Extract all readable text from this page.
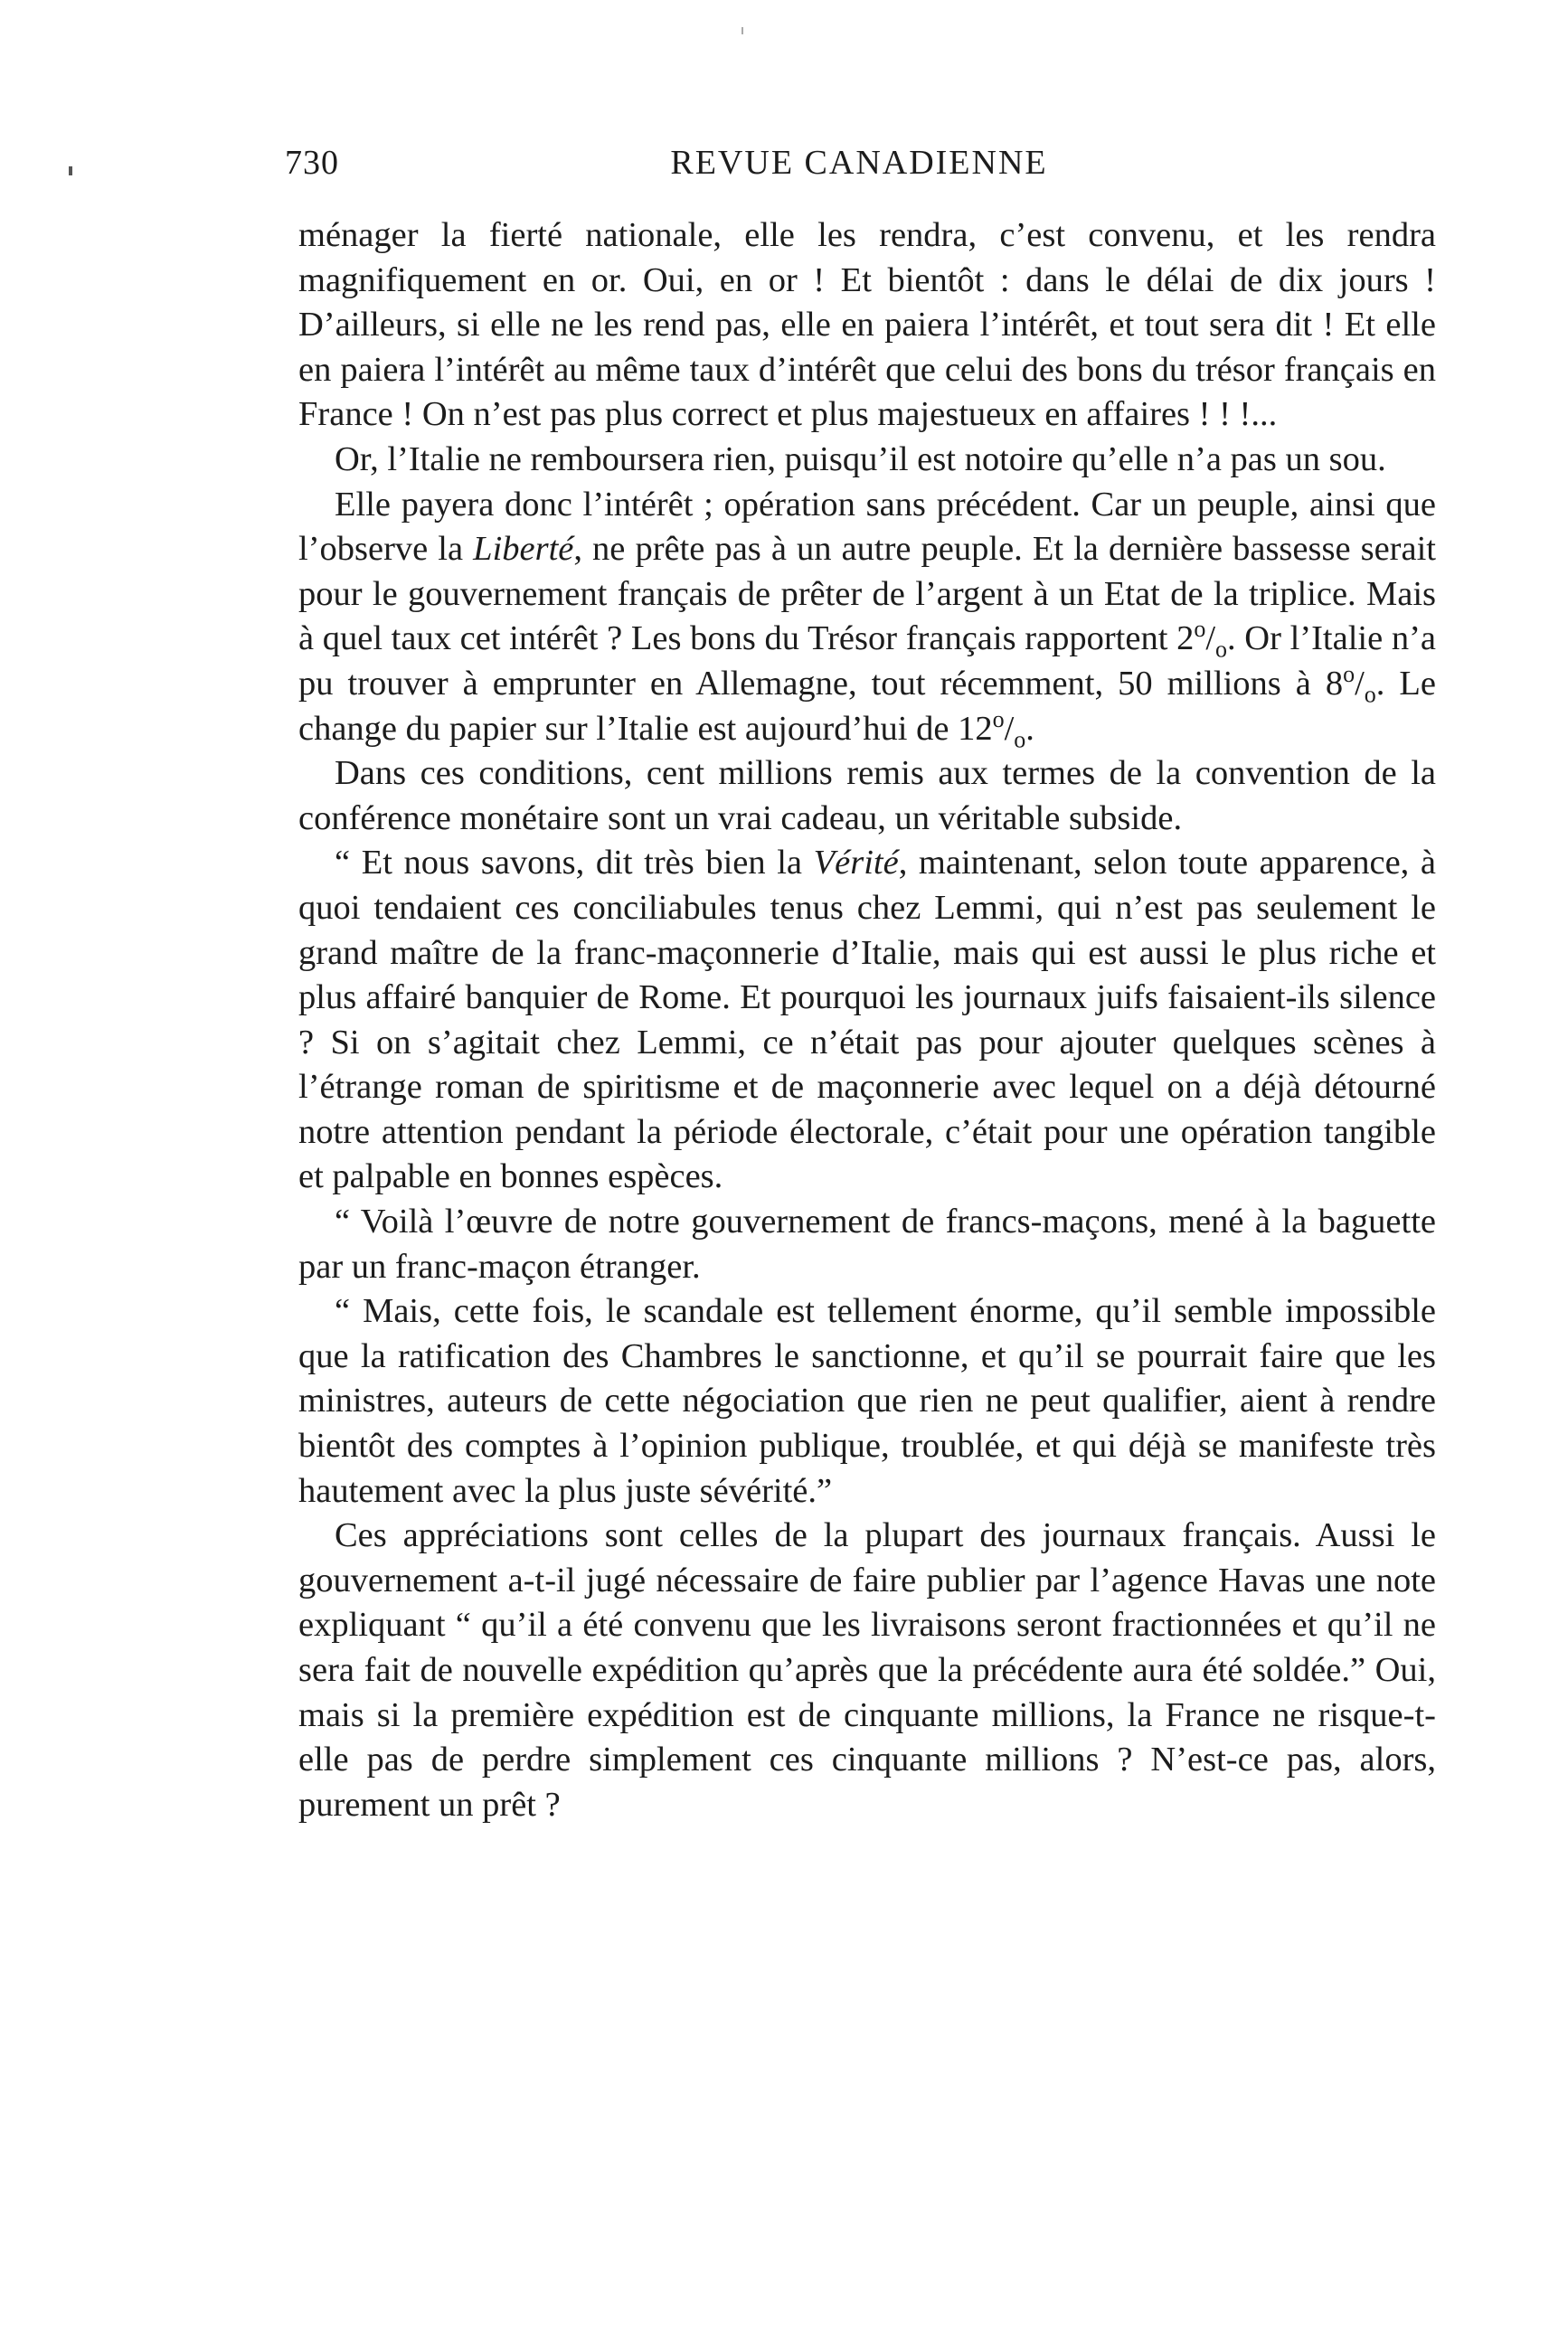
730	REVUE CANADIENNE

ménager la fierté nationale, elle les rendra, c’est convenu, et les rendra magnifiquement en or. Oui, en or ! Et bientôt : dans le délai de dix jours ! D’ailleurs, si elle ne les rend pas, elle en paiera l’intérêt, et tout sera dit ! Et elle en paiera l’intérêt au même taux d’intérêt que celui des bons du trésor français en France ! On n’est pas plus correct et plus majestueux en affaires ! ! !...

Or, l’Italie ne remboursera rien, puisqu’il est notoire qu’elle n’a pas un sou.

Elle payera donc l’intérêt ; opération sans précédent. Car un peuple, ainsi que l’observe la Liberté, ne prête pas à un autre peuple. Et la dernière bassesse serait pour le gouvernement français de prêter de l’argent à un Etat de la triplice. Mais à quel taux cet intérêt ? Les bons du Trésor français rapportent $2^o/_o$. Or l’Italie n’a pu trouver à emprunter en Allemagne, tout récemment, 50 millions à $8^o/_o$. Le change du papier sur l’Italie est aujourd’hui de $12^o/_o$.

Dans ces conditions, cent millions remis aux termes de la convention de la conférence monétaire sont un vrai cadeau, un véritable subside.

“ Et nous savons, dit très bien la Vérité, maintenant, selon toute apparence, à quoi tendaient ces conciliabules tenus chez Lemmi, qui n’est pas seulement le grand maître de la franc-maçonnerie d’Italie, mais qui est aussi le plus riche et plus affairé banquier de Rome. Et pourquoi les journaux juifs faisaient-ils silence ? Si on s’agitait chez Lemmi, ce n’était pas pour ajouter quelques scènes à l’étrange roman de spiritisme et de maçonnerie avec lequel on a déjà détourné notre attention pendant la période électorale, c’était pour une opération tangible et palpable en bonnes espèces.

“ Voilà l’œuvre de notre gouvernement de francs-maçons, mené à la baguette par un franc-maçon étranger.

“ Mais, cette fois, le scandale est tellement énorme, qu’il semble impossible que la ratification des Chambres le sanctionne, et qu’il se pourrait faire que les ministres, auteurs de cette négociation que rien ne peut qualifier, aient à rendre bientôt des comptes à l’opinion publique, troublée, et qui déjà se manifeste très hautement avec la plus juste sévérité.”

Ces appréciations sont celles de la plupart des journaux français. Aussi le gouvernement a-t-il jugé nécessaire de faire publier par l’agence Havas une note expliquant “ qu’il a été convenu que les livraisons seront fractionnées et qu’il ne sera fait de nouvelle expédition qu’après que la précédente aura été soldée.” Oui, mais si la première expédition est de cinquante millions, la France ne risque-t-elle pas de perdre simplement ces cinquante millions ? N’est-ce pas, alors, purement un prêt ?
